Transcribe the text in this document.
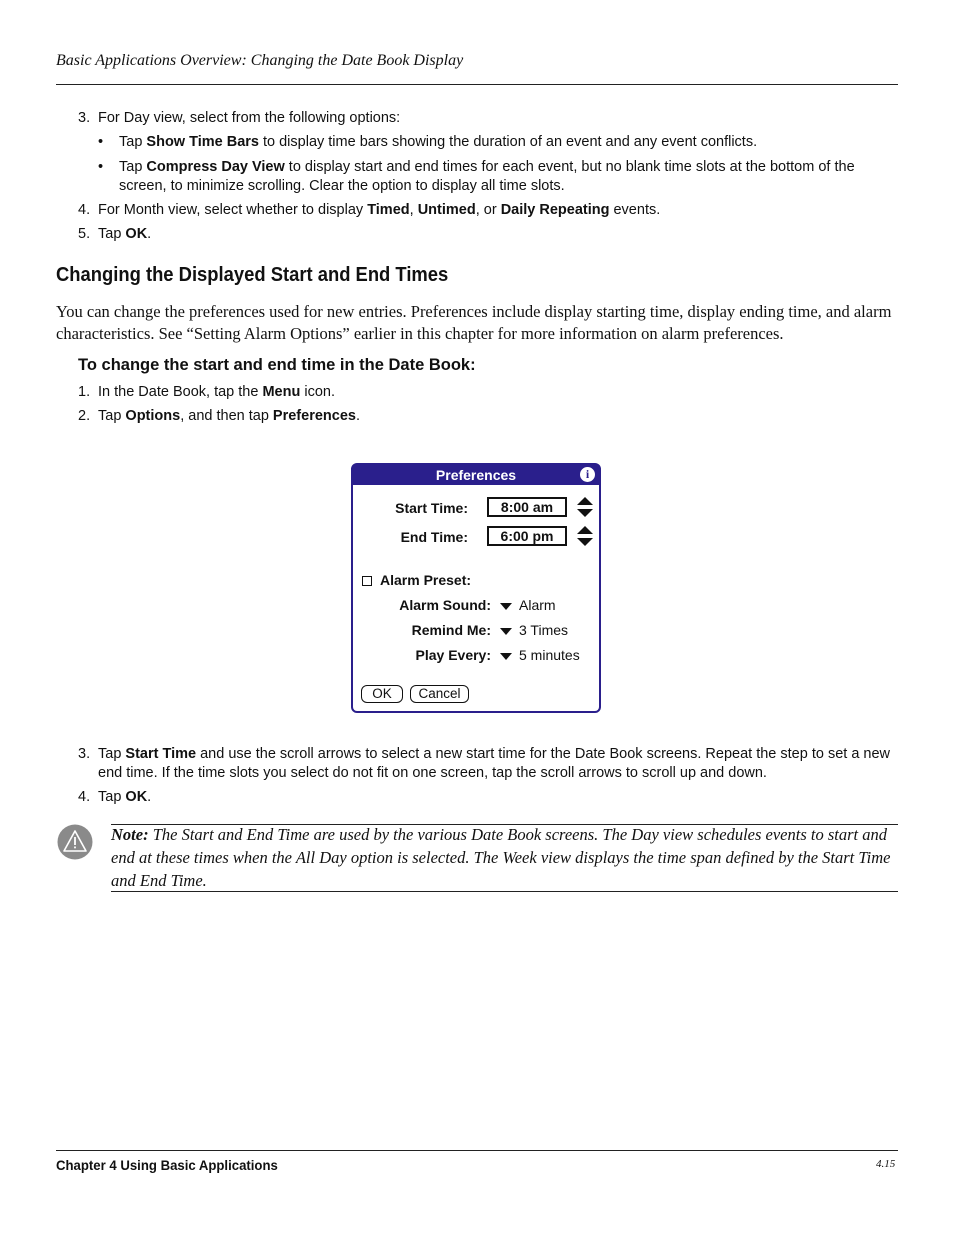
Basic Applications Overview: Changing the Date Book Display
3. For Day view, select from the following options:
• Tap Show Time Bars to display time bars showing the duration of an event and any event conflicts.
• Tap Compress Day View to display start and end times for each event, but no blank time slots at the bottom of the screen, to minimize scrolling. Clear the option to display all time slots.
4. For Month view, select whether to display Timed, Untimed, or Daily Repeating events.
5. Tap OK.
Changing the Displayed Start and End Times
You can change the preferences used for new entries. Preferences include display starting time, display ending time, and alarm characteristics. See “Setting Alarm Options” earlier in this chapter for more information on alarm preferences.
To change the start and end time in the Date Book:
1. In the Date Book, tap the Menu icon.
2. Tap Options, and then tap Preferences.
Preferences	i
Start Time:	8:00 am
End Time:	6:00 pm
Alarm Preset:
Alarm Sound: Alarm
Remind Me: 3 Times
Play Every: 5 minutes
OK	Cancel
3. Tap Start Time and use the scroll arrows to select a new start time for the Date Book screens. Repeat the step to set a new end time. If the time slots you select do not fit on one screen, tap the scroll arrows to scroll up and down.
4. Tap OK.
Note: The Start and End Time are used by the various Date Book screens. The Day view schedules events to start and end at these times when the All Day option is selected. The Week view displays the time span defined by the Start Time and End Time.
Chapter 4 Using Basic Applications	4.15
